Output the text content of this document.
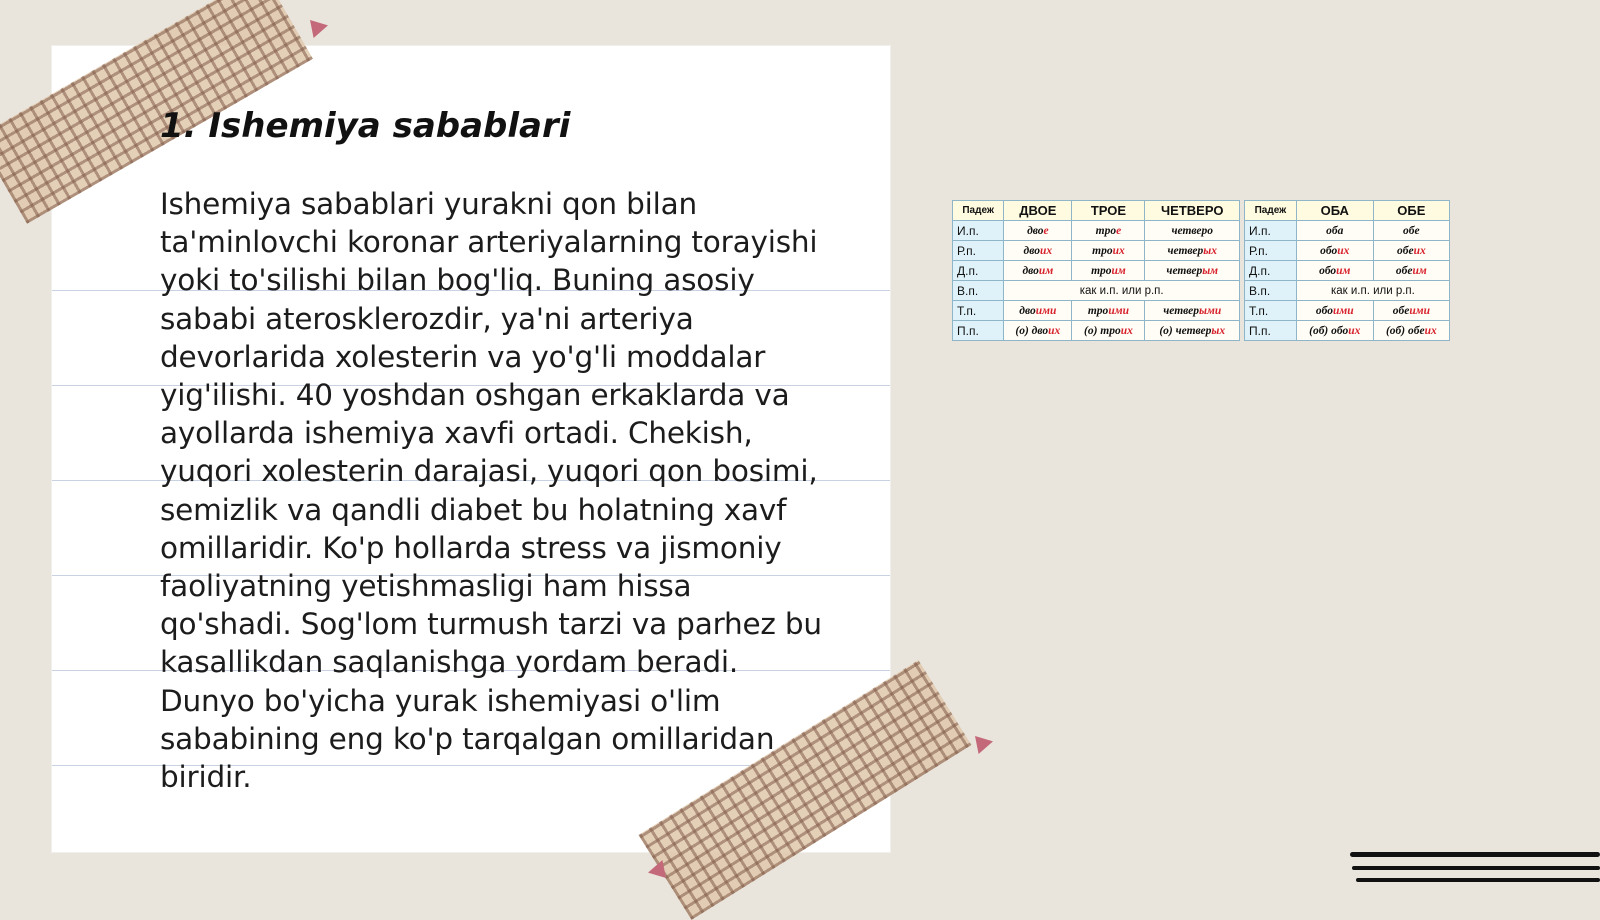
1. Ishemiya sabablari
Ishemiya sabablari yurakni qon bilan
ta'minlovchi koronar arteriyalarning torayishi
yoki to'silishi bilan bog'liq. Buning asosiy
sababi aterosklerozdir, ya'ni arteriya
devorlarida xolesterin va yo'g'li moddalar
yig'ilishi. 40 yoshdan oshgan erkaklarda va
ayollarda ishemiya xavfi ortadi. Chekish,
yuqori xolesterin darajasi, yuqori qon bosimi,
semizlik va qandli diabet bu holatning xavf
omillaridir. Ko'p hollarda stress va jismoniy
faoliyatning yetishmasligi ham hissa
qo'shadi. Sog'lom turmush tarzi va parhez bu
kasallikdan saqlanishga yordam beradi.
Dunyo bo'yicha yurak ishemiyasi o'lim
sababining eng ko'p tarqalgan omillaridan
biridir.
Падеж	ДВОЕ	ТРОЕ	ЧЕТВЕРО
И.п.	двое	трое	четверо
Р.п.	двоих	троих	четверых
Д.п.	двоим	троим	четверым
В.п.	как и.п. или р.п.		
Т.п.	двоими	троими	четверыми
П.п.	(о) двоих	(о) троих	(о) четверых
Падеж	ОБА	ОБЕ
И.п.	оба	обе
Р.п.	обоих	обеих
Д.п.	обоим	обеим
В.п.	как и.п. или р.п.	
Т.п.	обоими	обеими
П.п.	(об) обоих	(об) обеих
